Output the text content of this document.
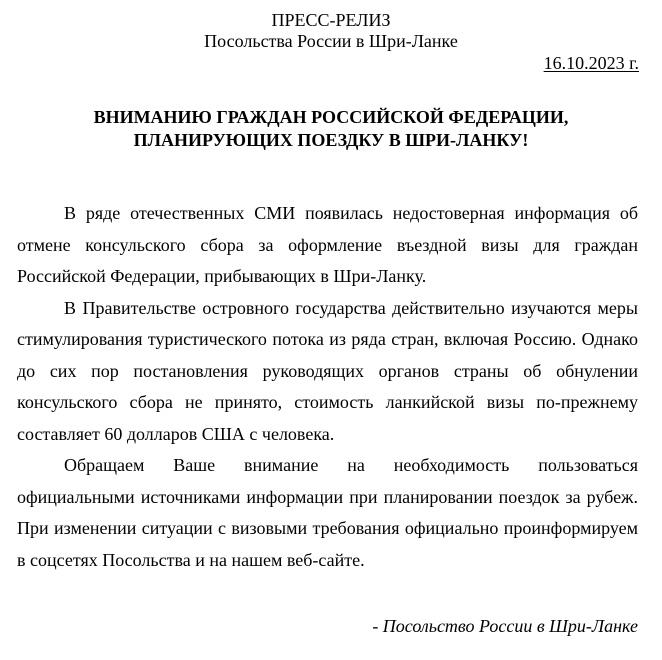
ПРЕСС-РЕЛИЗ
Посольства России в Шри-Ланке
16.10.2023 г.
ВНИМАНИЮ ГРАЖДАН РОССИЙСКОЙ ФЕДЕРАЦИИ,
ПЛАНИРУЮЩИХ ПОЕЗДКУ В ШРИ-ЛАНКУ!

В ряде отечественных СМИ появилась недостоверная информация об отмене консульского сбора за оформление въездной визы для граждан Российской Федерации, прибывающих в Шри-Ланку.

В Правительстве островного государства действительно изучаются меры стимулирования туристического потока из ряда стран, включая Россию. Однако до сих пор постановления руководящих органов страны об обнулении консульского сбора не принято, стоимость ланкийской визы по-прежнему составляет 60 долларов США с человека.

Обращаем Ваше внимание на необходимость пользоваться официальными источниками информации при планировании поездок за рубеж. При изменении ситуации с визовыми требования официально проинформируем в соцсетях Посольства и на нашем веб-сайте.

- Посольство России в Шри-Ланке
